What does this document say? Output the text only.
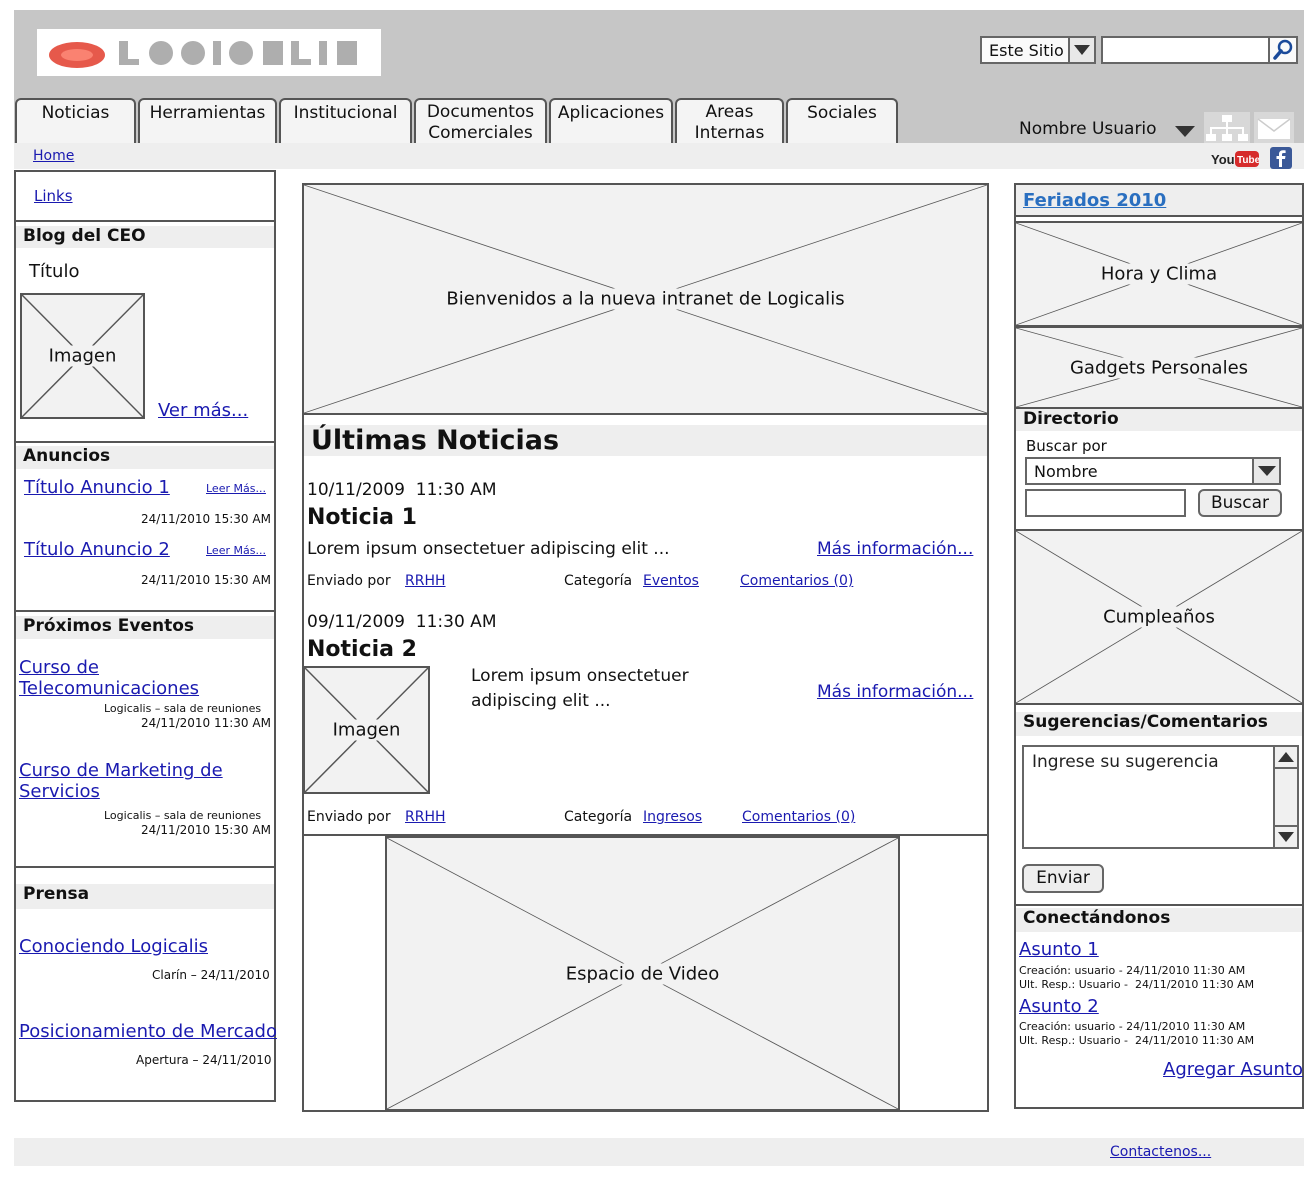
Este Sitio
Noticias	Herramientas	Institucional	Documentos Comerciales
Aplicaciones	Areas Internas
Sociales
Nombre Usuario
Home	You Tube
Links
Blog del CEO
Título
Imagen
Ver más...
Anuncios
Título Anuncio 1	Leer Más...
24/11/2010 15:30 AM
Título Anuncio 2	Leer Más...
24/11/2010 15:30 AM
Próximos Eventos
Curso de Telecomunicaciones
Logicalis – sala de reuniones
24/11/2010 11:30 AM
Curso de Marketing de Servicios
Logicalis – sala de reuniones
24/11/2010 15:30 AM
Prensa
Conociendo Logicalis
Clarín – 24/11/2010
Posicionamiento de Mercado
Apertura – 24/11/2010
Bienvenidos a la nueva intranet de Logicalis
Últimas Noticias
10/11/2009  11:30 AM
Noticia 1
Lorem ipsum onsectetuer adipiscing elit ...	Más información...
Enviado por RRHH	Categoría Eventos	Comentarios (0)
09/11/2009  11:30 AM
Noticia 2
Imagen
Lorem ipsum onsectetuer
adipiscing elit ...	Más información...
Enviado por RRHH	Categoría Ingresos	Comentarios (0)
Espacio de Video
Feriados 2010
Hora y Clima
Gadgets Personales
Directorio
Buscar por
Nombre
Buscar
Cumpleaños
Sugerencias/Comentarios
Ingrese su sugerencia
Enviar
Conectándonos
Asunto 1
Creación: usuario - 24/11/2010 11:30 AM
Ult. Resp.: Usuario -  24/11/2010 11:30 AM
Asunto 2
Creación: usuario - 24/11/2010 11:30 AM
Ult. Resp.: Usuario -  24/11/2010 11:30 AM
Agregar Asunto
Contactenos...
